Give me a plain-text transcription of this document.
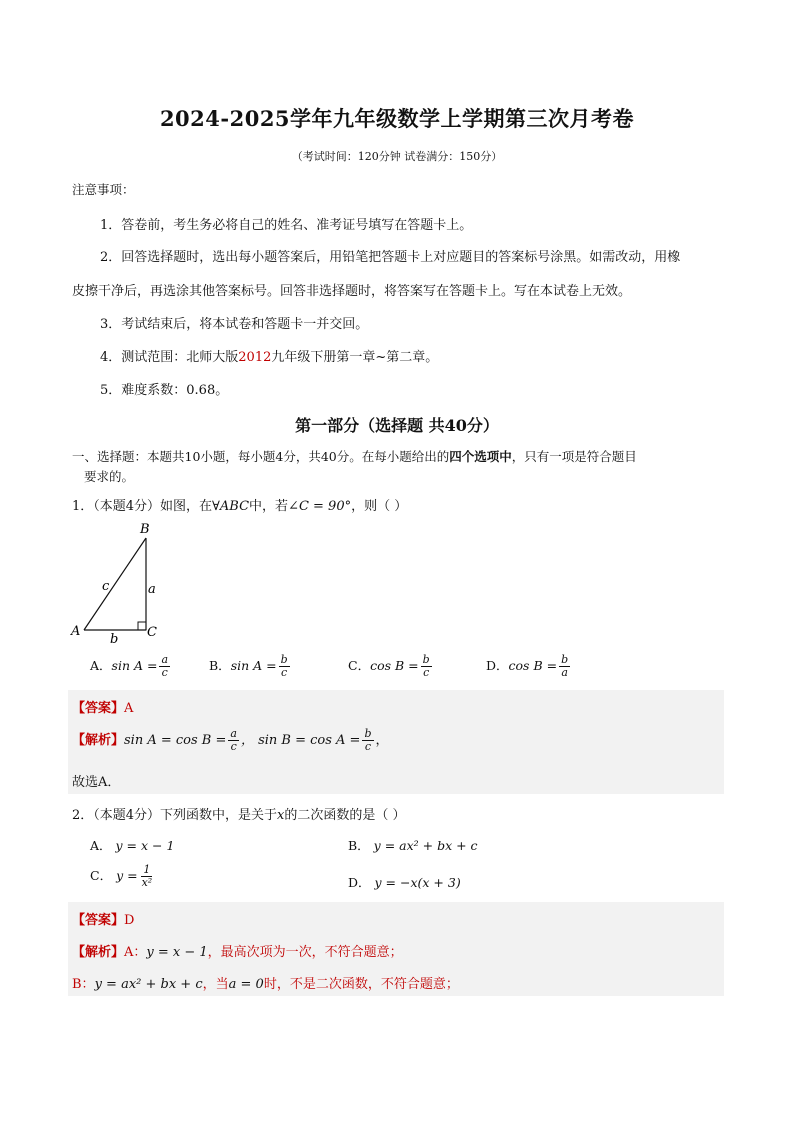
2024-2025学年九年级数学上学期第三次月考卷
（考试时间：120分钟 试卷满分：150分）
注意事项：
1．答卷前，考生务必将自己的姓名、准考证号填写在答题卡上。
2．回答选择题时，选出每小题答案后，用铅笔把答题卡上对应题目的答案标号涂黑。如需改动，用橡
皮擦干净后，再选涂其他答案标号。回答非选择题时，将答案写在答题卡上。写在本试卷上无效。
3．考试结束后，将本试卷和答题卡一并交回。
4．测试范围：北师大版2012九年级下册第一章~第二章。
5．难度系数：0.68。
第一部分（选择题 共40分）
一、选择题：本题共10小题，每小题4分，共40分。在每小题给出的四个选项中，只有一项是符合题目
要求的。
1．（本题4分）如图，在∀ABC中，若∠C = 90°，则（ ）
B
A	C
a
b
c
A．$\sin A = \frac{a}{c}$	B．$\sin A = \frac{b}{c}$	C．$\cos B = \frac{b}{c}$	D．$\cos B = \frac{b}{a}$
【答案】A
【解析】$\sin A = \cos B = \frac{a}{c}$ ， $\sin B = \cos A = \frac{b}{c}$ ，
故选A．
2．（本题4分）下列函数中，是关于x的二次函数的是（ ）
A． y = x − 1	B． y = ax² + bx + c
C． $y = \frac{1}{\text{x²}}$	D． y = −x(x + 3)
【答案】D
【解析】A：y = x − 1，最高次项为一次，不符合题意；
B：y = ax² + bx + c，当a = 0时，不是二次函数，不符合题意；
